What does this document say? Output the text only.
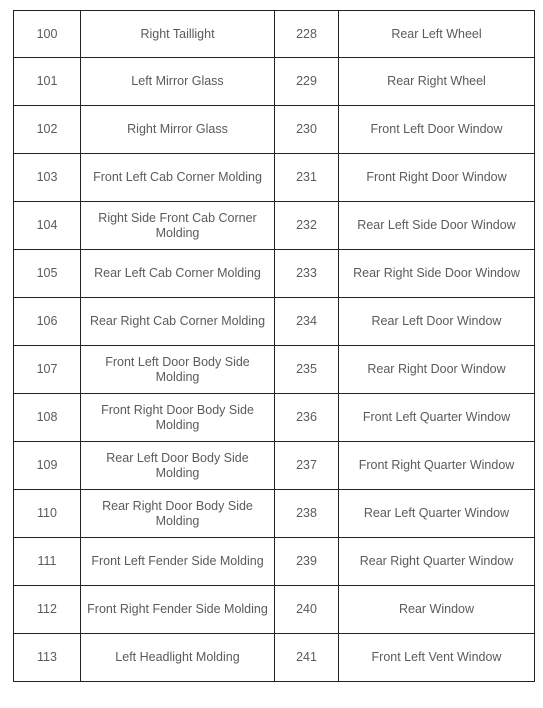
100	Right Taillight	228	Rear Left Wheel
101	Left Mirror Glass	229	Rear Right Wheel
102	Right Mirror Glass	230	Front Left Door Window
103	Front Left Cab Corner Molding	231	Front Right Door Window
104	Right Side Front Cab Corner Molding	232	Rear Left Side Door Window
105	Rear Left Cab Corner Molding	233	Rear Right Side Door Window
106	Rear Right Cab Corner Molding	234	Rear Left Door Window
107	Front Left Door Body Side Molding	235	Rear Right Door Window
108	Front Right Door Body Side Molding	236	Front Left Quarter Window
109	Rear Left Door Body Side Molding	237	Front Right Quarter Window
110	Rear Right Door Body Side Molding	238	Rear Left Quarter Window
111	Front Left Fender Side Molding	239	Rear Right Quarter Window
112	Front Right Fender Side Molding	240	Rear Window
113	Left Headlight Molding	241	Front Left Vent Window
